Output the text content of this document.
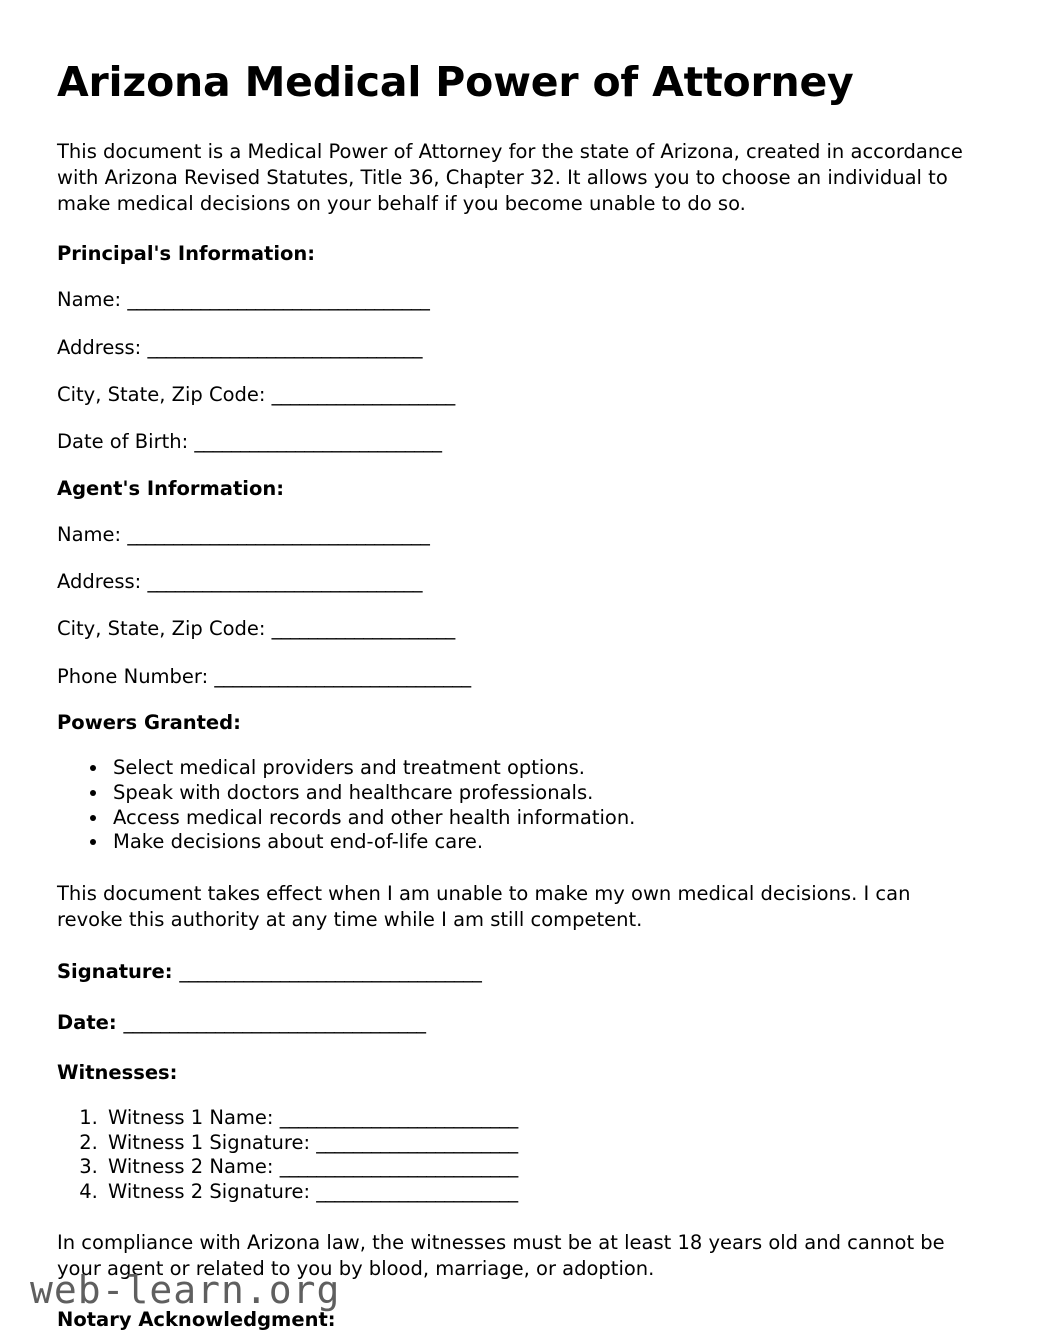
Arizona Medical Power of Attorney

This document is a Medical Power of Attorney for the state of Arizona, created in accordance with Arizona Revised Statutes, Title 36, Chapter 32. It allows you to choose an individual to make medical decisions on your behalf if you become unable to do so.

Principal's Information:

Name: _________________________________

Address: ______________________________

City, State, Zip Code: ____________________

Date of Birth: ___________________________

Agent's Information:

Name: _________________________________

Address: ______________________________

City, State, Zip Code: ____________________

Phone Number: ____________________________

Powers Granted:
• Select medical providers and treatment options.
• Speak with doctors and healthcare professionals.
• Access medical records and other health information.
• Make decisions about end-of-life care.

This document takes effect when I am unable to make my own medical decisions. I can revoke this authority at any time while I am still competent.

Signature: _________________________________

Date: _________________________________

Witnesses:
1. Witness 1 Name: __________________________
2. Witness 1 Signature: ______________________
3. Witness 2 Name: __________________________
4. Witness 2 Signature: ______________________

In compliance with Arizona law, the witnesses must be at least 18 years old and cannot be your agent or related to you by blood, marriage, or adoption.

Notary Acknowledgment:
web-learn.org
